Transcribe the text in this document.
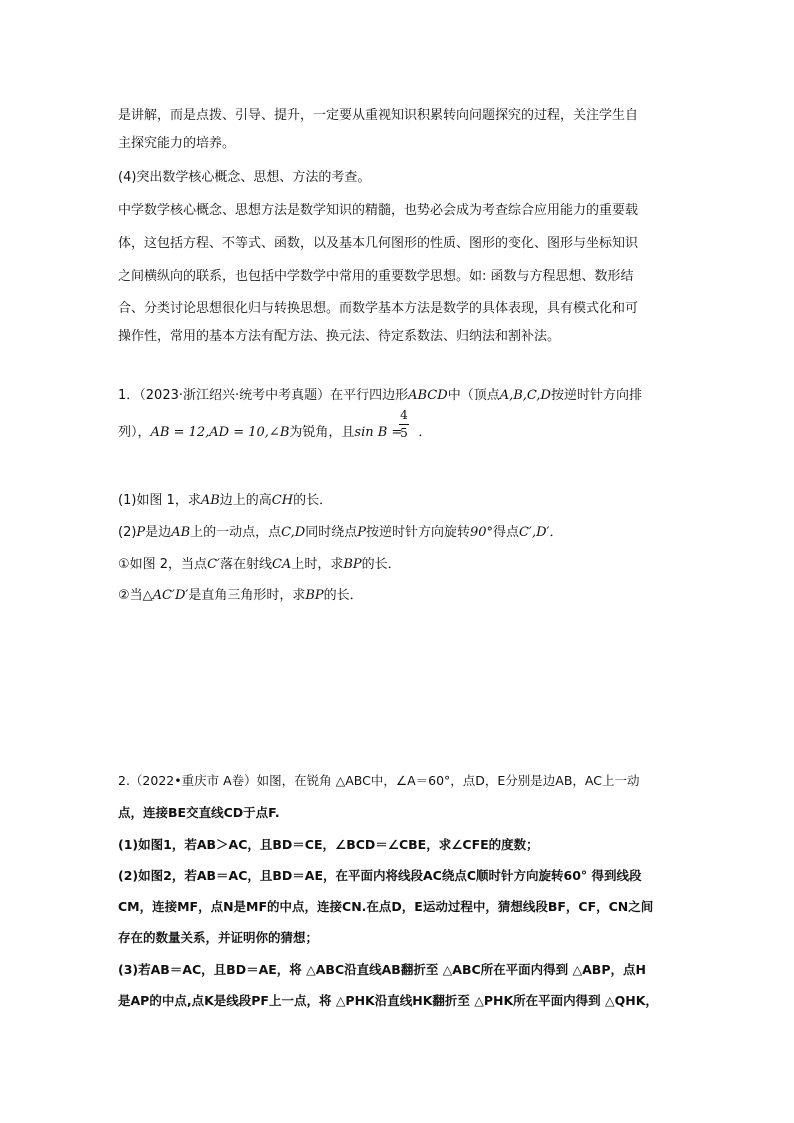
是讲解，而是点拨、引导、提升，一定要从重视知识积累转向问题探究的过程，关注学生自
主探究能力的培养。
(4)突出数学核心概念、思想、方法的考查。
中学数学核心概念、思想方法是数学知识的精髓，也势必会成为考查综合应用能力的重要载
体，这包括方程、不等式、函数，以及基本几何图形的性质、图形的变化、图形与坐标知识
之间横纵向的联系，也包括中学数学中常用的重要数学思想。如: 函数与方程思想、数形结
合、分类讨论思想很化归与转换思想。而数学基本方法是数学的具体表现，具有模式化和可
操作性，常用的基本方法有配方法、换元法、待定系数法、归纳法和割补法。
1．（2023·浙江绍兴·统考中考真题）在平行四边形ABCD中（顶点A,B,C,D按逆时针方向排
列），AB = 12,AD = 10,∠B为锐角，且sin B = ．
4
5
(1)如图 1，求AB边上的高CH的长．
(2)P是边AB上的一动点，点C,D同时绕点P按逆时针方向旋转90°得点C′,D′．
①如图 2，当点C′落在射线CA上时，求BP的长．
②当△AC′D′是直角三角形时，求BP的长．
2.（2022•重庆市 A卷）如图，在锐角 △ABC中，∠A＝60°，点D，E分别是边AB，AC上一动
点，连接BE交直线CD于点F.
(1)如图1，若AB＞AC，且BD＝CE，∠BCD＝∠CBE，求∠CFE的度数；
(2)如图2，若AB＝AC，且BD＝AE，在平面内将线段AC绕点C顺时针方向旋转60° 得到线段
CM，连接MF，点N是MF的中点，连接CN.在点D，E运动过程中，猜想线段BF，CF，CN之间
存在的数量关系，并证明你的猜想；
(3)若AB＝AC，且BD＝AE，将 △ABC沿直线AB翻折至 △ABC所在平面内得到 △ABP，点H
是AP的中点,点K是线段PF上一点，将 △PHK沿直线HK翻折至 △PHK所在平面内得到 △QHK，
